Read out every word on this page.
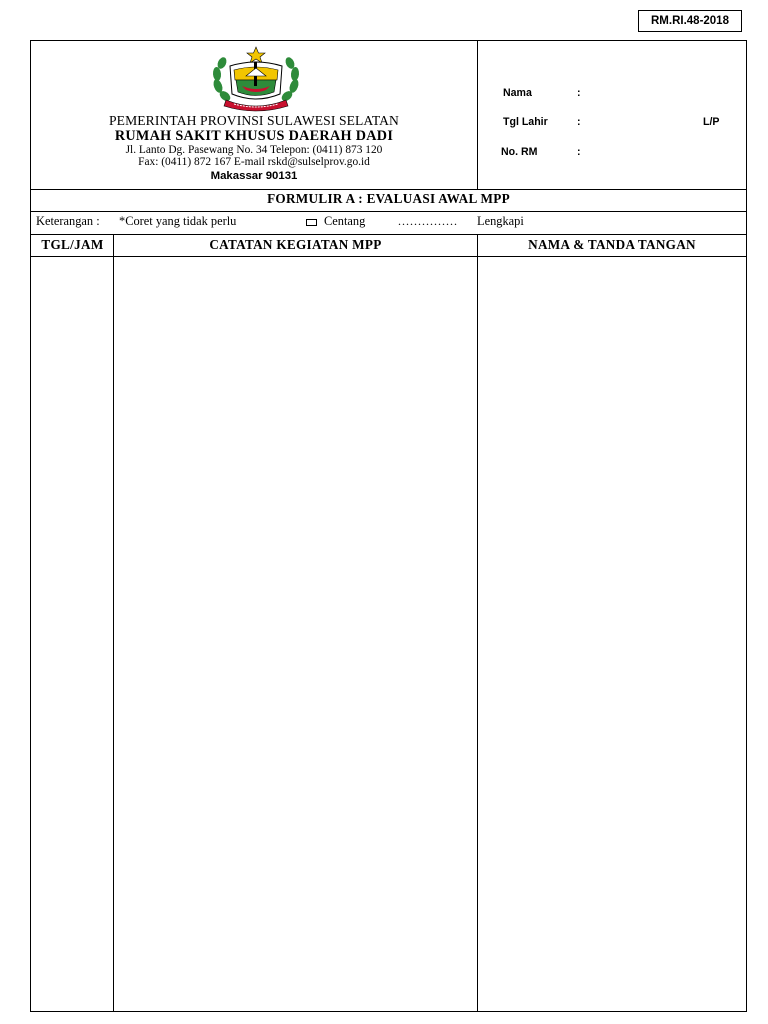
RM.RI.48-2018
PEMERINTAH PROVINSI SULAWESI SELATAN
RUMAH SAKIT KHUSUS DAERAH DADI
Jl. Lanto Dg. Pasewang No. 34 Telepon: (0411) 873 120
Fax: (0411) 872 167 E-mail rskd@sulselprov.go.id
Makassar 90131
Nama	:
Tgl Lahir	:	L/P
No. RM	:
FORMULIR A : EVALUASI AWAL MPP
Keterangan : *Coret yang tidak perlu	Centang	............... Lengkapi
TGL/JAM	CATATAN KEGIATAN MPP	NAMA & TANDA TANGAN
